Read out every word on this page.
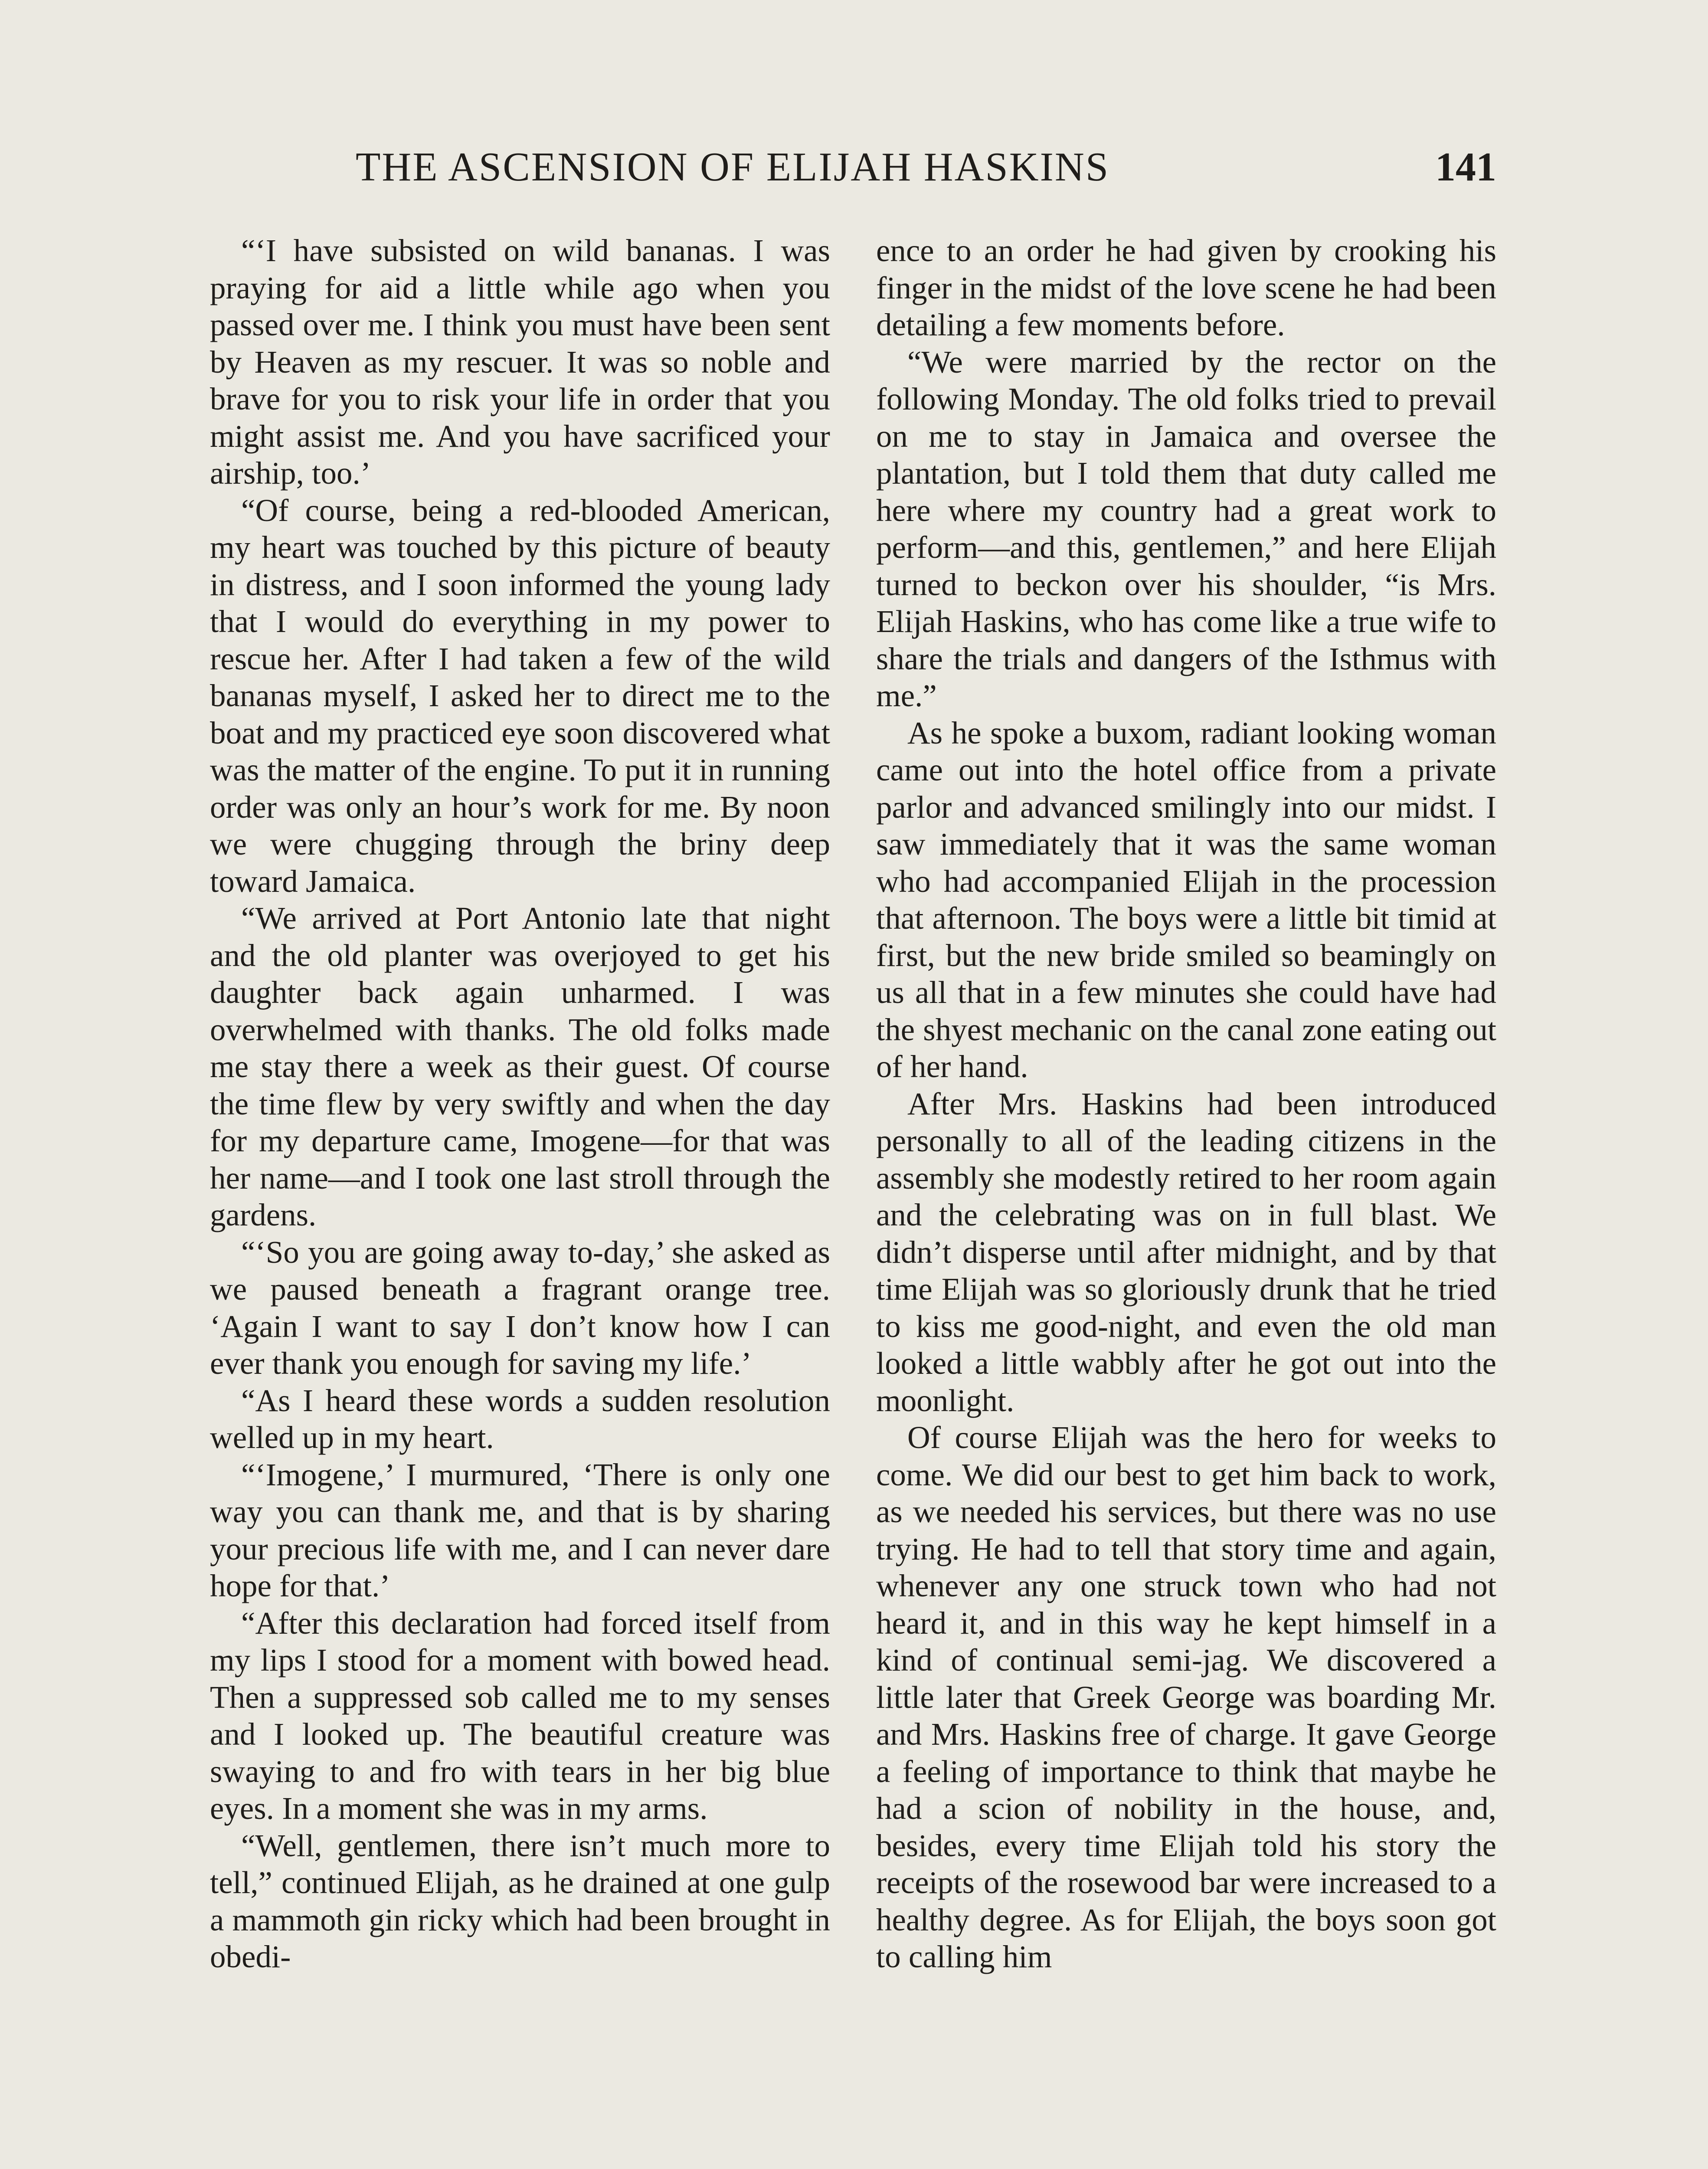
THE ASCENSION OF ELIJAH HASKINS	141

“‘I have subsisted on wild bananas. I was praying for aid a little while ago when you passed over me. I think you must have been sent by Heaven as my rescuer. It was so noble and brave for you to risk your life in order that you might assist me. And you have sacrificed your airship, too.’

“Of course, being a red-blooded American, my heart was touched by this picture of beauty in distress, and I soon informed the young lady that I would do everything in my power to rescue her. After I had taken a few of the wild bananas myself, I asked her to direct me to the boat and my practiced eye soon discovered what was the matter of the engine. To put it in running order was only an hour’s work for me. By noon we were chugging through the briny deep toward Jamaica.

“We arrived at Port Antonio late that night and the old planter was overjoyed to get his daughter back again unharmed. I was overwhelmed with thanks. The old folks made me stay there a week as their guest. Of course the time flew by very swiftly and when the day for my departure came, Imogene—for that was her name—and I took one last stroll through the gardens.

“‘So you are going away to-day,’ she asked as we paused beneath a fragrant orange tree. ‘Again I want to say I don’t know how I can ever thank you enough for saving my life.’

“As I heard these words a sudden resolution welled up in my heart.

“‘Imogene,’ I murmured, ‘There is only one way you can thank me, and that is by sharing your precious life with me, and I can never dare hope for that.’

“After this declaration had forced itself from my lips I stood for a moment with bowed head. Then a suppressed sob called me to my senses and I looked up. The beautiful creature was swaying to and fro with tears in her big blue eyes. In a moment she was in my arms.

“Well, gentlemen, there isn’t much more to tell,” continued Elijah, as he drained at one gulp a mammoth gin ricky which had been brought in obedi-

ence to an order he had given by crooking his finger in the midst of the love scene he had been detailing a few moments before.

“We were married by the rector on the following Monday. The old folks tried to prevail on me to stay in Jamaica and oversee the plantation, but I told them that duty called me here where my country had a great work to perform—and this, gentlemen,” and here Elijah turned to beckon over his shoulder, “is Mrs. Elijah Haskins, who has come like a true wife to share the trials and dangers of the Isthmus with me.”

As he spoke a buxom, radiant looking woman came out into the hotel office from a private parlor and advanced smilingly into our midst. I saw immediately that it was the same woman who had accompanied Elijah in the procession that afternoon. The boys were a little bit timid at first, but the new bride smiled so beamingly on us all that in a few minutes she could have had the shyest mechanic on the canal zone eating out of her hand.

After Mrs. Haskins had been introduced personally to all of the leading citizens in the assembly she modestly retired to her room again and the celebrating was on in full blast. We didn’t disperse until after midnight, and by that time Elijah was so gloriously drunk that he tried to kiss me good-night, and even the old man looked a little wabbly after he got out into the moonlight.

Of course Elijah was the hero for weeks to come. We did our best to get him back to work, as we needed his services, but there was no use trying. He had to tell that story time and again, whenever any one struck town who had not heard it, and in this way he kept himself in a kind of continual semi-jag. We discovered a little later that Greek George was boarding Mr. and Mrs. Haskins free of charge. It gave George a feeling of importance to think that maybe he had a scion of nobility in the house, and, besides, every time Elijah told his story the receipts of the rosewood bar were increased to a healthy degree. As for Elijah, the boys soon got to calling him
